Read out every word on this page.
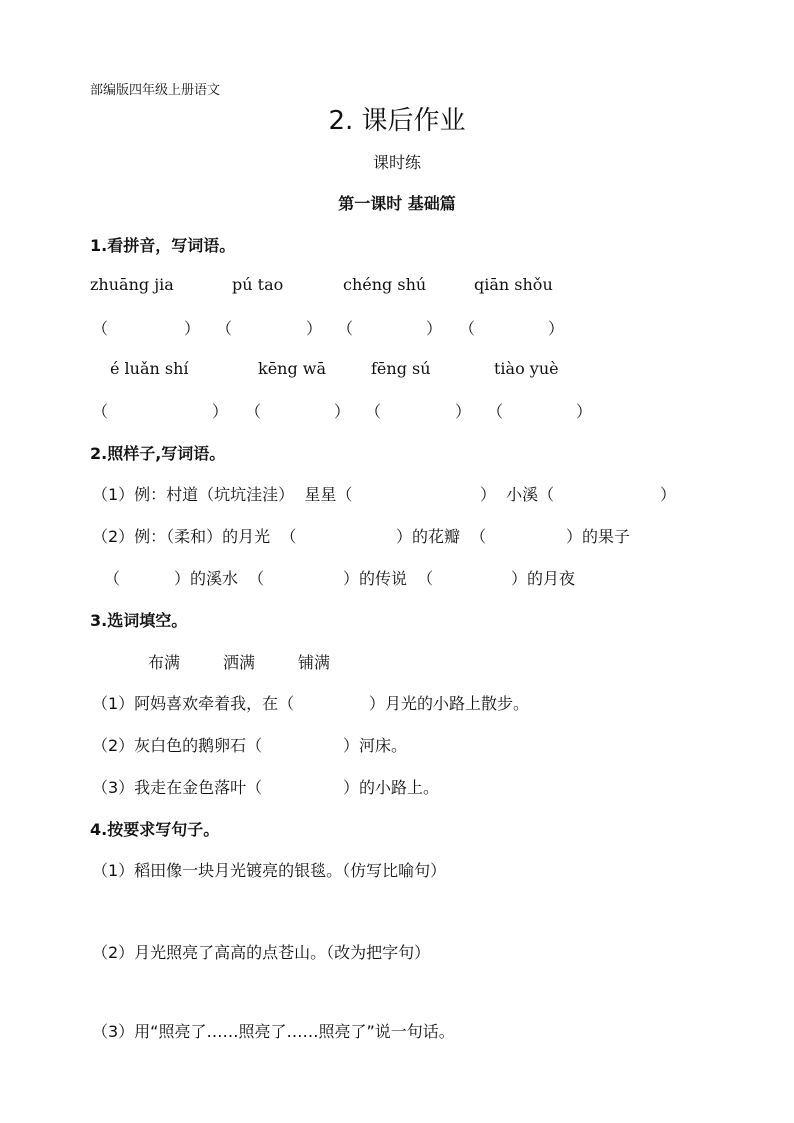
部编版四年级上册语文
2. 课后作业
课时练
第一课时 基础篇
1.看拼音，写词语。
zhuāng jia	pú tao	chéng shú	qiān shǒu
（	） （	） （	） （	）
é luǎn shí	kēng wā	fēng sú	tiào yuè
（	） （	） （	） （	）
2.照样子,写词语。
（1）例：村道（坑坑洼洼）  星星（	）  小溪（	）
（2）例：（柔和）的月光  （	）的花瓣  （	）的果子
（	）的溪水  （	）的传说  （	）的月夜
3.选词填空。
布满	洒满	铺满
（1）阿妈喜欢牵着我，在（	）月光的小路上散步。
（2）灰白色的鹅卵石（	）河床。
（3）我走在金色落叶（	）的小路上。
4.按要求写句子。
（1）稻田像一块月光镀亮的银毯。（仿写比喻句）
（2）月光照亮了高高的点苍山。（改为把字句）
（3）用“照亮了……照亮了……照亮了”说一句话。
